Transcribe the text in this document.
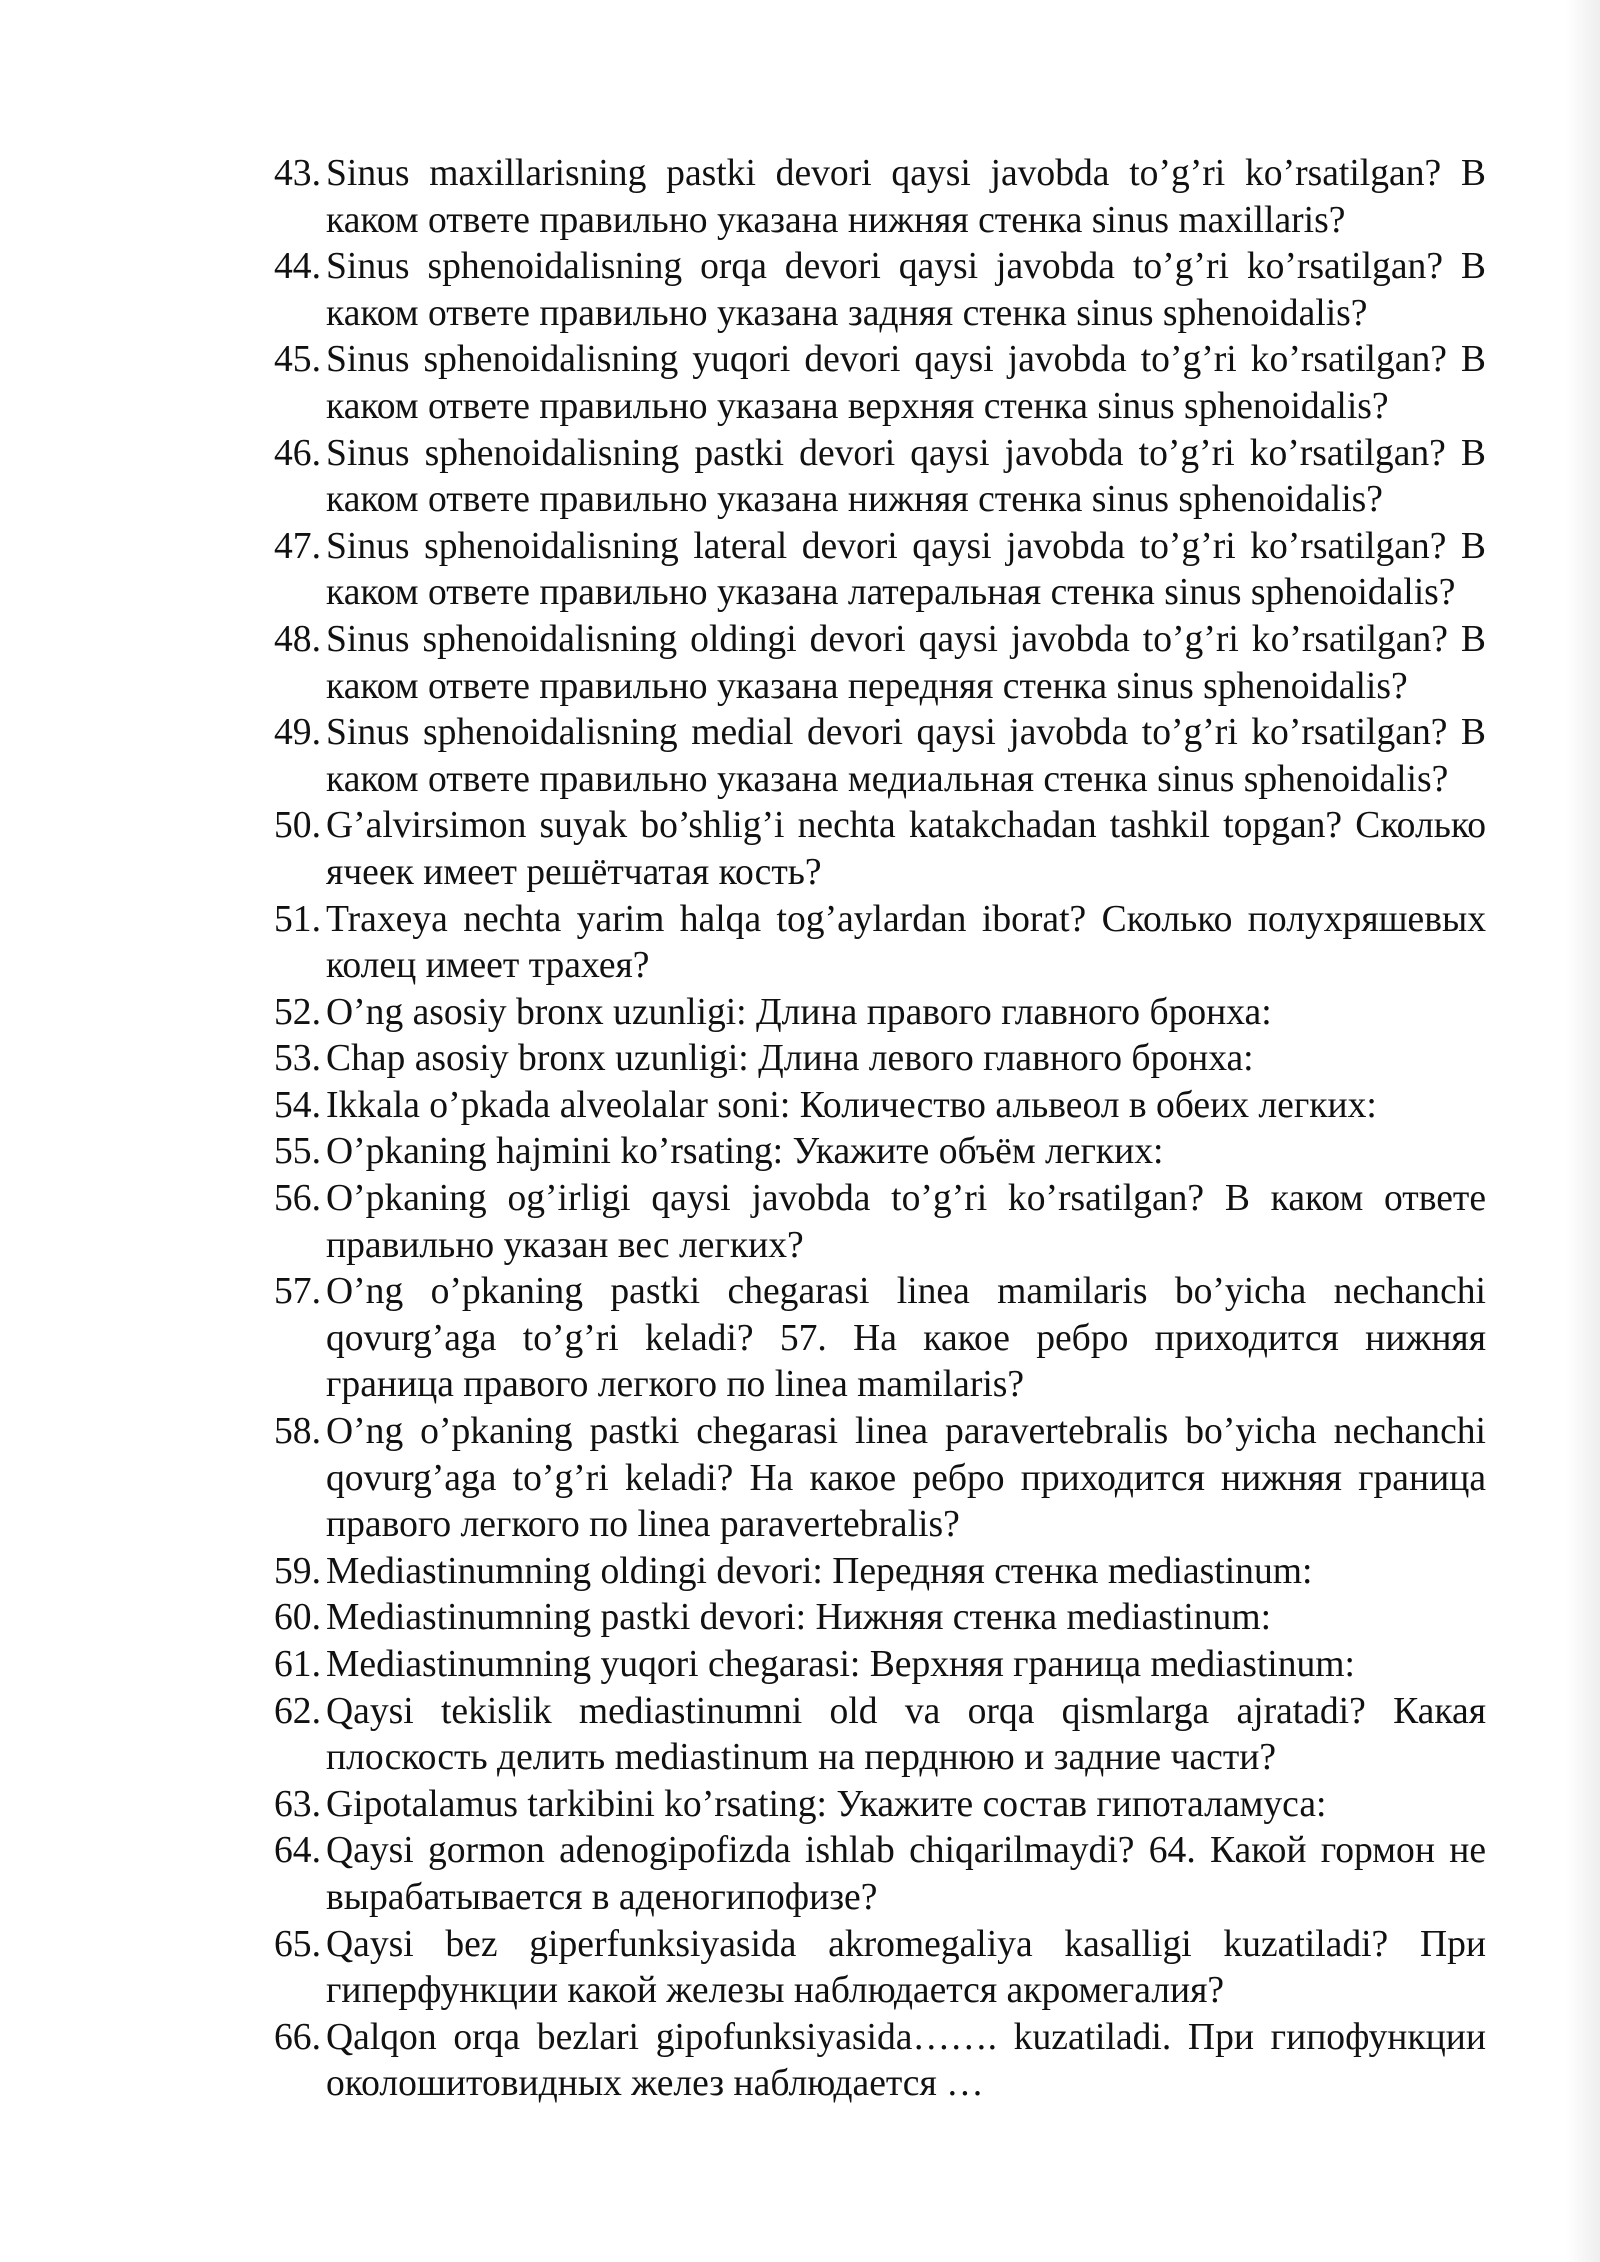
43. Sinus maxillarisning pastki devori qaysi javobda to’g’ri ko’rsatilgan? В каком ответе правильно указана нижняя стенка sinus maxillaris?
44. Sinus sphenoidalisning orqa devori qaysi javobda to’g’ri ko’rsatilgan? В каком ответе правильно указана задняя стенка sinus sphenoidalis?
45. Sinus sphenoidalisning yuqori devori qaysi javobda to’g’ri ko’rsatilgan? В каком ответе правильно указана верхняя стенка sinus sphenoidalis?
46. Sinus sphenoidalisning pastki devori qaysi javobda to’g’ri ko’rsatilgan? В каком ответе правильно указана нижняя стенка sinus sphenoidalis?
47. Sinus sphenoidalisning lateral devori qaysi javobda to’g’ri ko’rsatilgan? В каком ответе правильно указана латеральная стенка sinus sphenoidalis?
48. Sinus sphenoidalisning oldingi devori qaysi javobda to’g’ri ko’rsatilgan? В каком ответе правильно указана передняя стенка sinus sphenoidalis?
49. Sinus sphenoidalisning medial devori qaysi javobda to’g’ri ko’rsatilgan? В каком ответе правильно указана медиальная стенка sinus sphenoidalis?
50. G’alvirsimon suyak bo’shlig’i nechta katakchadan tashkil topgan? Сколько ячеек имеет решётчатая кость?
51. Traxeya nechta yarim halqa tog’aylardan iborat? Сколько полухряшевых колец имеет трахея?
52. O’ng asosiy bronx uzunligi: Длина правого главного бронха:
53. Chap asosiy bronx uzunligi: Длина левого главного бронха:
54. Ikkala o’pkada alveolalar soni: Количество альвеол в обеих легких:
55. O’pkaning hajmini ko’rsating: Укажите объём легких:
56. O’pkaning og’irligi qaysi javobda to’g’ri ko’rsatilgan? В каком ответе правильно указан вес легких?
57. O’ng o’pkaning pastki chegarasi linea mamilaris bo’yicha nechanchi qovurg’aga to’g’ri keladi? 57. На какое ребро приходится нижняя граница правого легкого по linea mamilaris?
58. O’ng o’pkaning pastki chegarasi linea paravertebralis bo’yicha nechanchi qovurg’aga to’g’ri keladi? На какое ребро приходится нижняя граница правого легкого по linea paravertebralis?
59. Mediastinumning oldingi devori: Передняя стенка mediastinum:
60. Mediastinumning pastki devori: Нижняя стенка mediastinum:
61. Mediastinumning yuqori chegarasi: Верхняя граница mediastinum:
62. Qaysi tekislik mediastinumni old va orqa qismlarga ajratadi? Какая плоскость делить mediastinum на перднюю и задние части?
63. Gipotalamus tarkibini ko’rsating: Укажите состав гипоталамуса:
64. Qaysi gormon adenogipofizda ishlab chiqarilmaydi? 64. Какой гормон не вырабатывается в аденогипофизе?
65. Qaysi bez giperfunksiyasida akromegaliya kasalligi kuzatiladi? При гиперфункции какой железы наблюдается акромегалия?
66. Qalqon orqa bezlari gipofunksiyasida……. kuzatiladi. При гипофункции околошитовидных желез наблюдается …
